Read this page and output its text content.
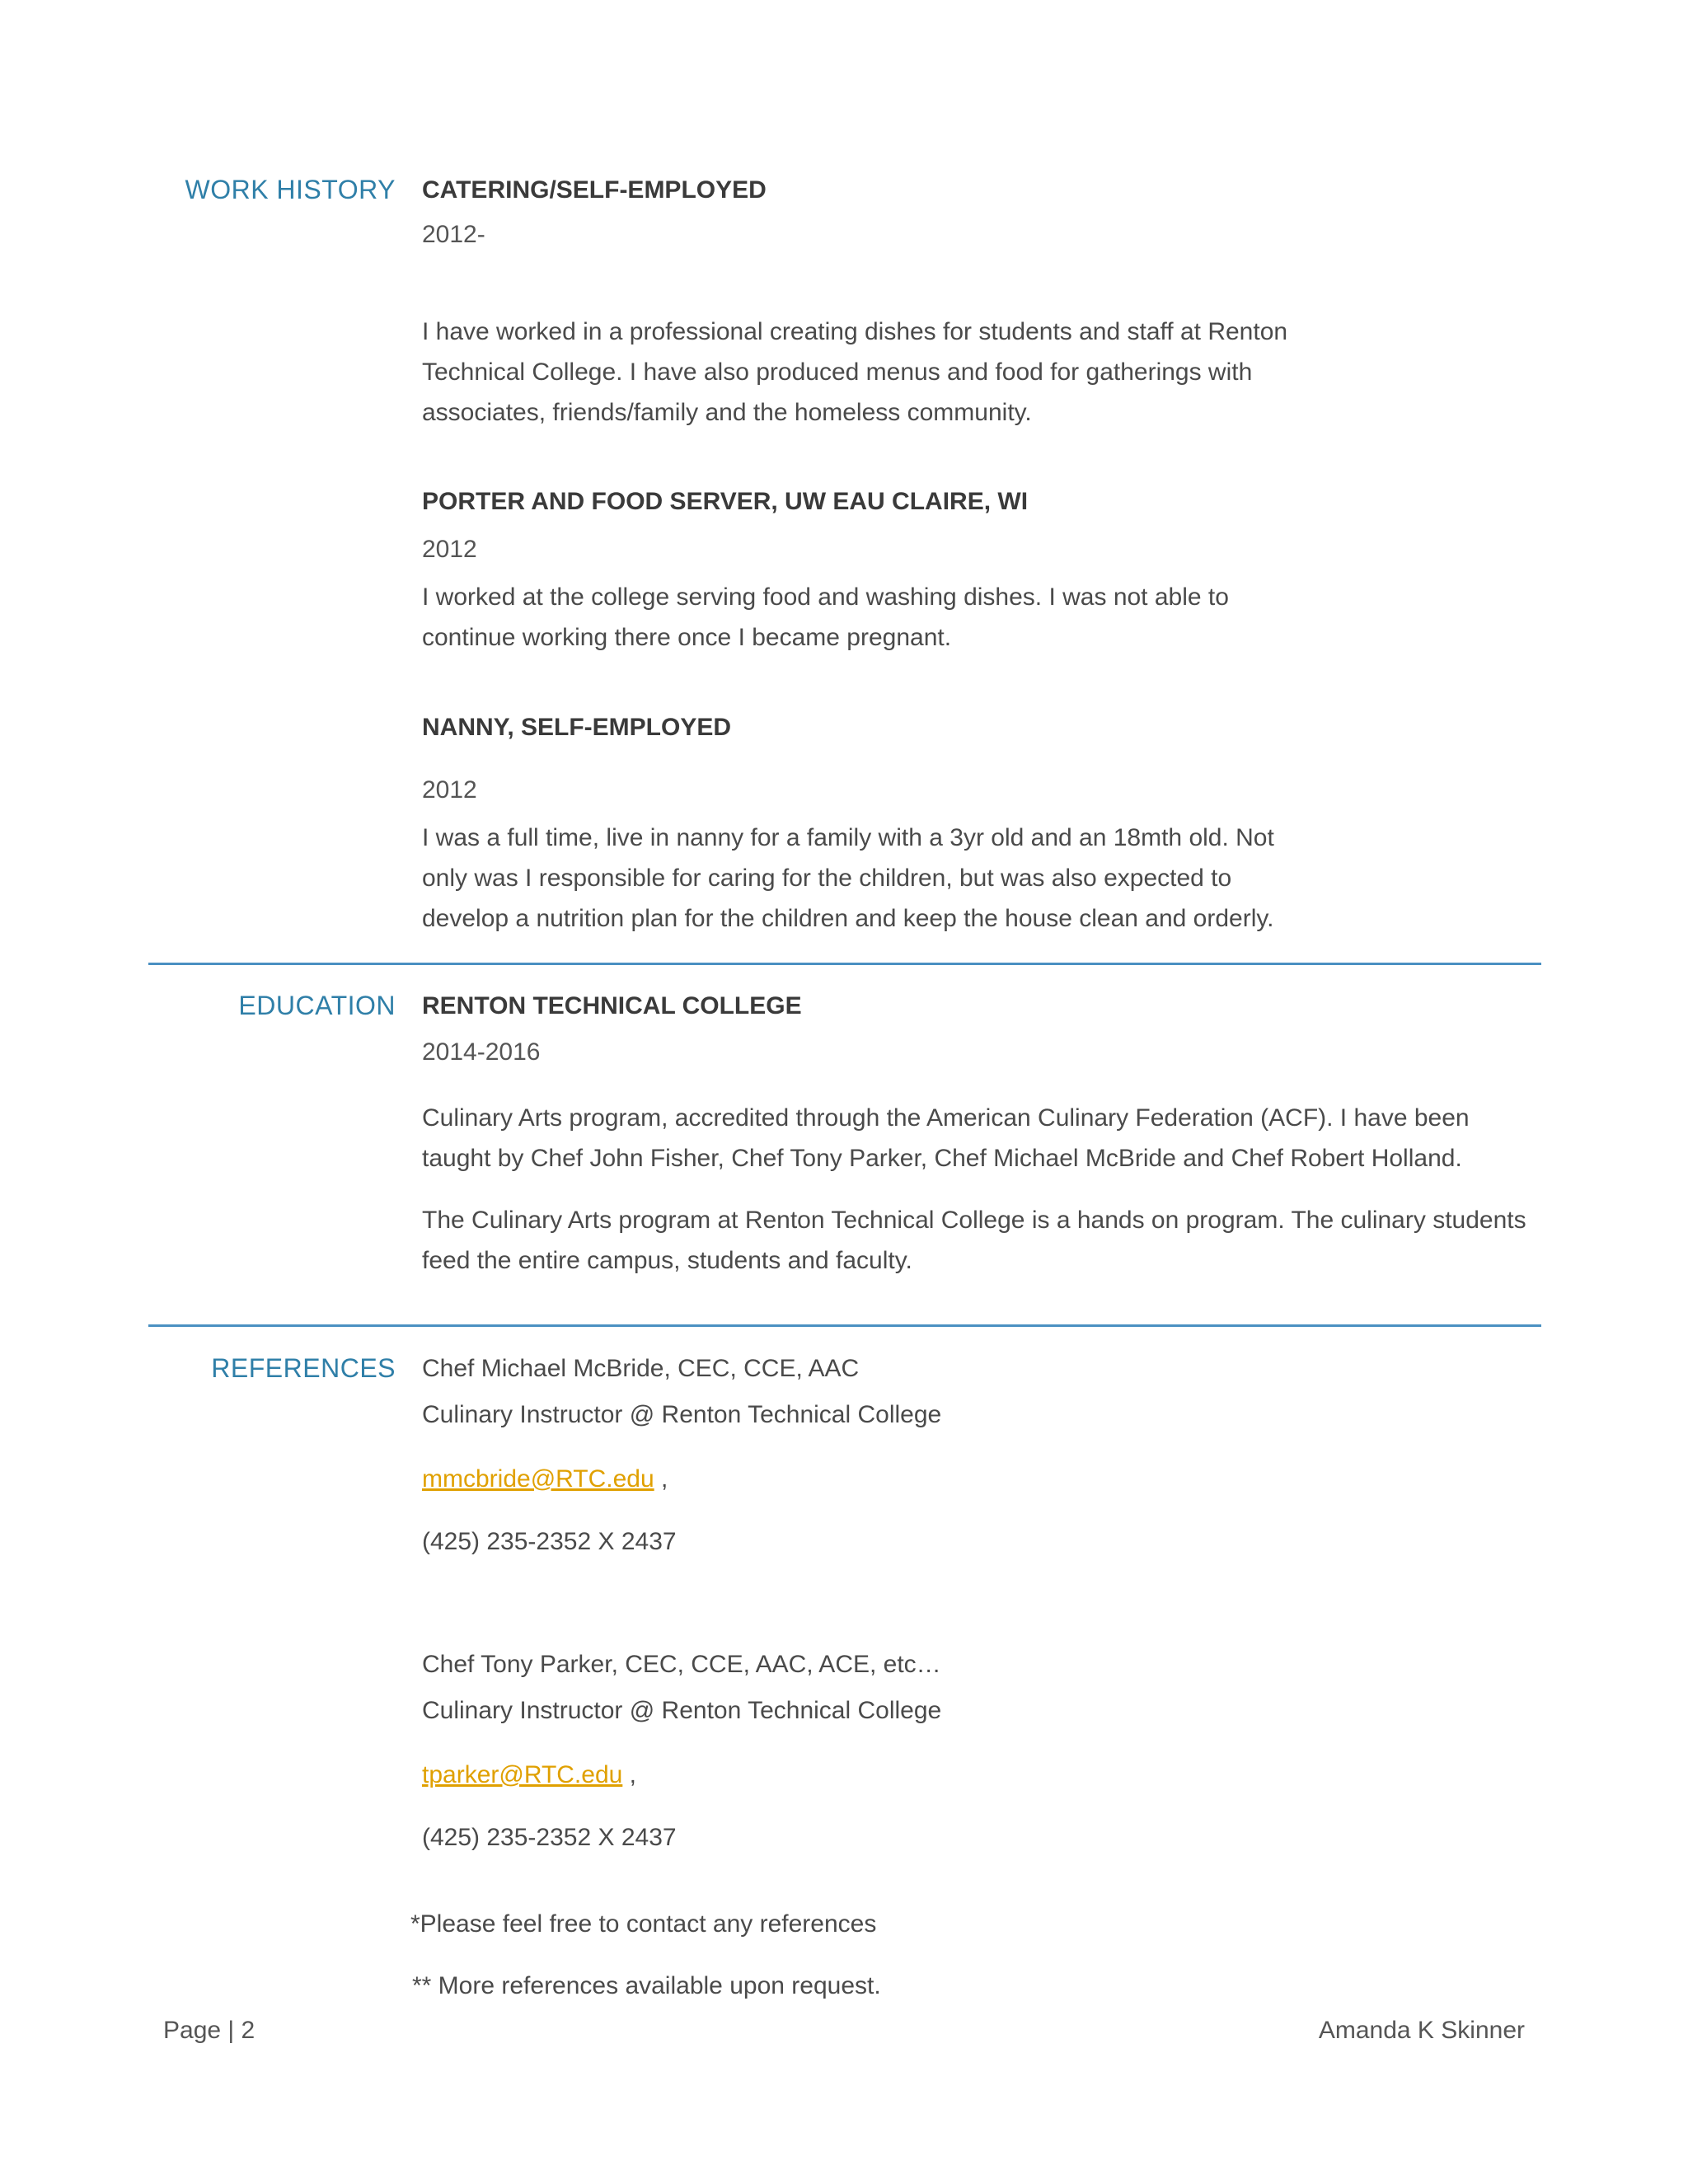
WORK HISTORY CATERING/SELF-EMPLOYED

2012-

I have worked in a professional creating dishes for students and staff at Renton

Technical College. I have also produced menus and food for gatherings with

associates, friends/family and the homeless community.

PORTER AND FOOD SERVER, UW EAU CLAIRE, WI

2012

I worked at the college serving food and washing dishes. I was not able to

continue working there once I became pregnant.

NANNY, SELF-EMPLOYED

2012

I was a full time, live in nanny for a family with a 3yr old and an 18mth old. Not

only was I responsible for caring for the children, but was also expected to

develop a nutrition plan for the children and keep the house clean and orderly.

EDUCATION RENTON TECHNICAL COLLEGE

2014-2016

Culinary Arts program, accredited through the American Culinary Federation (ACF). I have been

taught by Chef John Fisher, Chef Tony Parker, Chef Michael McBride and Chef Robert Holland.

The Culinary Arts program at Renton Technical College is a hands on program. The culinary students

feed the entire campus, students and faculty.

REFERENCES Chef Michael McBride, CEC, CCE, AAC

Culinary Instructor @ Renton Technical College

mmcbride@RTC.edu ,

(425) 235-2352 X 2437

Chef Tony Parker, CEC, CCE, AAC, ACE, etc…

Culinary Instructor @ Renton Technical College

tparker@RTC.edu ,

(425) 235-2352 X 2437

*Please feel free to contact any references
** More references available upon request.
Page | 2	Amanda K Skinner
